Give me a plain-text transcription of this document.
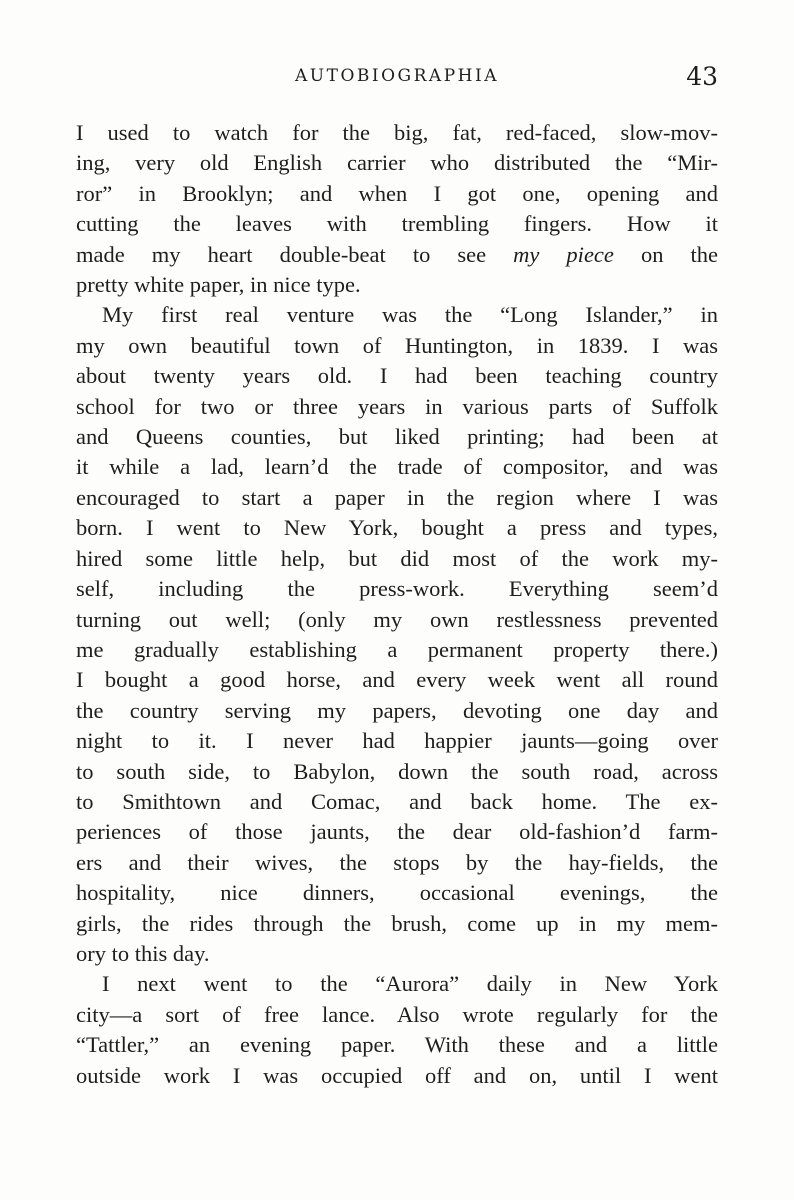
AUTOBIOGRAPHIA	43
I used to watch for the big, fat, red-faced, slow-mov-
ing, very old English carrier who distributed the “Mir-
ror” in Brooklyn; and when I got one, opening and
cutting the leaves with trembling fingers. How it
made my heart double-beat to see my piece on the
pretty white paper, in nice type.
My first real venture was the “Long Islander,” in
my own beautiful town of Huntington, in 1839. I was
about twenty years old. I had been teaching country
school for two or three years in various parts of Suffolk
and Queens counties, but liked printing; had been at
it while a lad, learn’d the trade of compositor, and was
encouraged to start a paper in the region where I was
born. I went to New York, bought a press and types,
hired some little help, but did most of the work my-
self, including the press-work. Everything seem’d
turning out well; (only my own restlessness prevented
me gradually establishing a permanent property there.)
I bought a good horse, and every week went all round
the country serving my papers, devoting one day and
night to it. I never had happier jaunts—going over
to south side, to Babylon, down the south road, across
to Smithtown and Comac, and back home. The ex-
periences of those jaunts, the dear old-fashion’d farm-
ers and their wives, the stops by the hay-fields, the
hospitality, nice dinners, occasional evenings, the
girls, the rides through the brush, come up in my mem-
ory to this day.
I next went to the “Aurora” daily in New York
city—a sort of free lance. Also wrote regularly for the
“Tattler,” an evening paper. With these and a little
outside work I was occupied off and on, until I went
